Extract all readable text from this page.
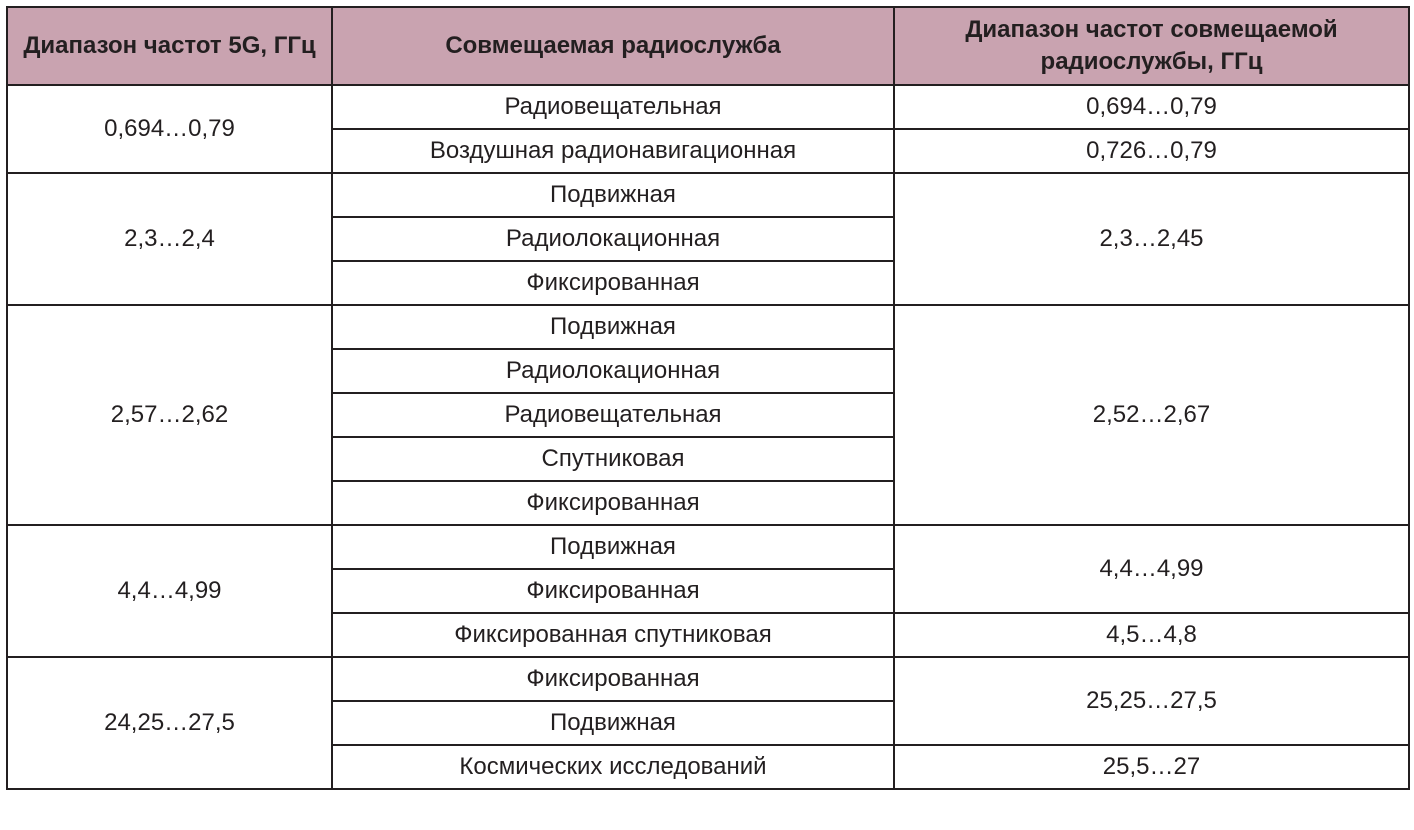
Диапазон частот 5G, ГГц	Совмещаемая радиослужба	Диапазон частот совмещаемой радиослужбы, ГГц
0,694…0,79	Радиовещательная	0,694…0,79
	Воздушная радионавигационная	0,726…0,79
2,3…2,4	Подвижная	2,3…2,45
	Радиолокационная	
	Фиксированная	
2,57…2,62	Подвижная	2,52…2,67
	Радиолокационная	
	Радиовещательная	
	Спутниковая	
	Фиксированная	
4,4…4,99	Подвижная	4,4…4,99
	Фиксированная	
	Фиксированная спутниковая	4,5…4,8
24,25…27,5	Фиксированная	25,25…27,5
	Подвижная	
	Космических исследований	25,5…27
